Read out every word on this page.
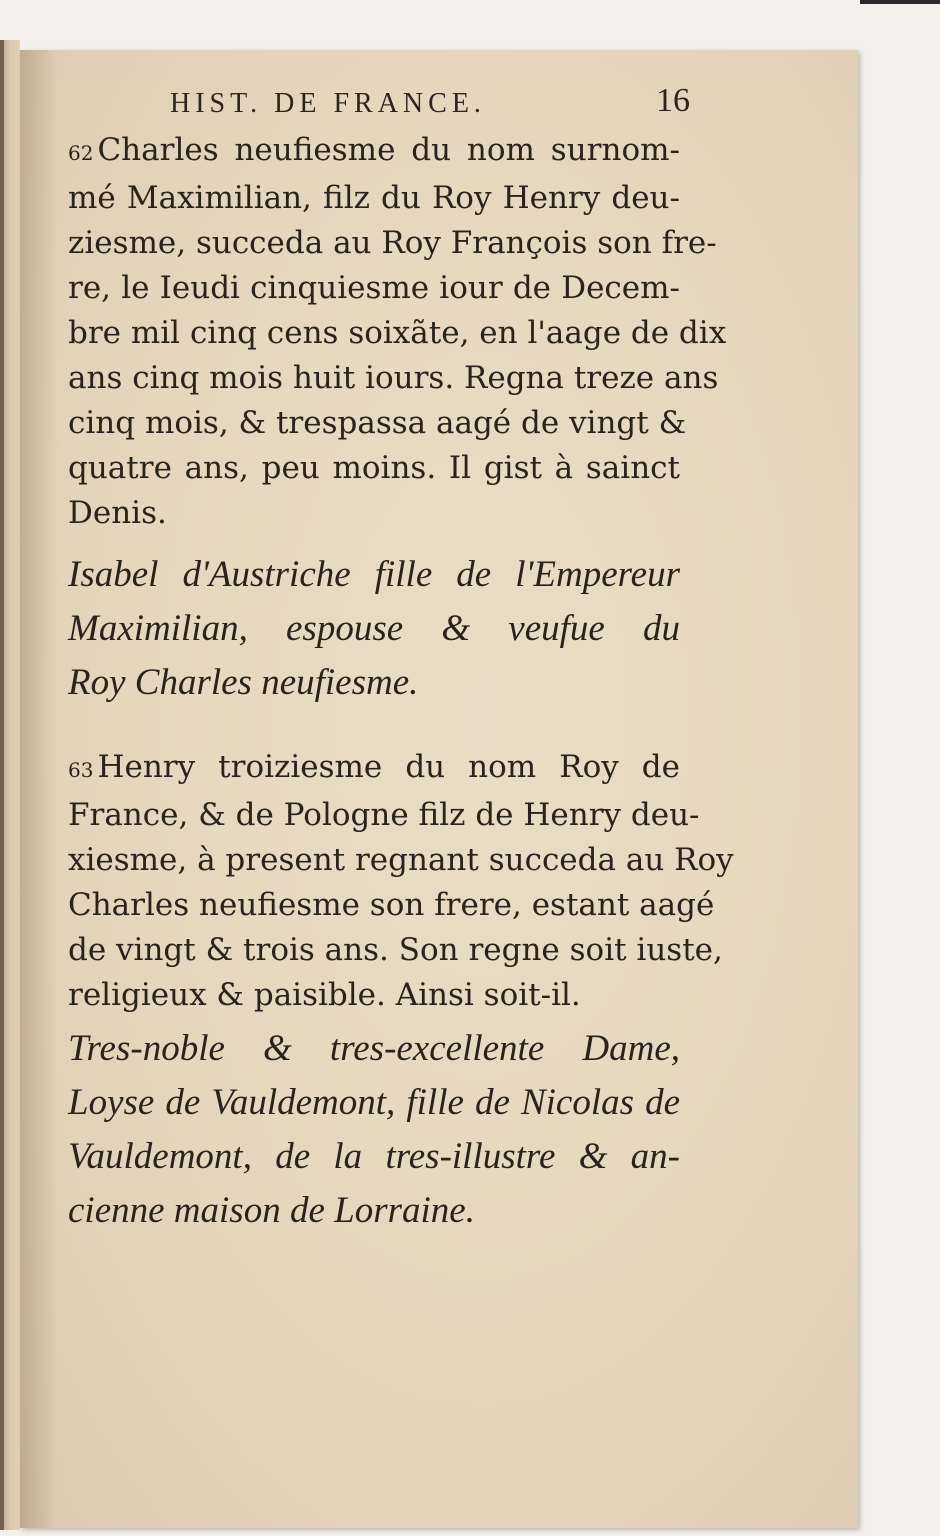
HIST. DE FRANCE.	16
62 Charles neufiesme du nom surnom-
mé Maximilian, filz du Roy Henry deu-
ziesme, succeda au Roy François son fre-
re, le Ieudi cinquiesme iour de Decem-
bre mil cinq cens soixãte, en l'aage de dix
ans cinq mois huit iours. Regna treze ans
cinq mois, & trespassa aagé de vingt &
quatre ans, peu moins. Il gist à sainct
Denis.
Isabel d'Austriche fille de l'Empereur
Maximilian, espouse & veufue du
Roy Charles neufiesme.
63 Henry troiziesme du nom Roy de
France, & de Pologne filz de Henry deu-
xiesme, à present regnant succeda au Roy
Charles neufiesme son frere, estant aagé
de vingt & trois ans. Son regne soit iuste,
religieux & paisible. Ainsi soit-il.
Tres-noble & tres-excellente Dame,
Loyse de Vauldemont, fille de Nicolas de
Vauldemont, de la tres-illustre & an-
cienne maison de Lorraine.
